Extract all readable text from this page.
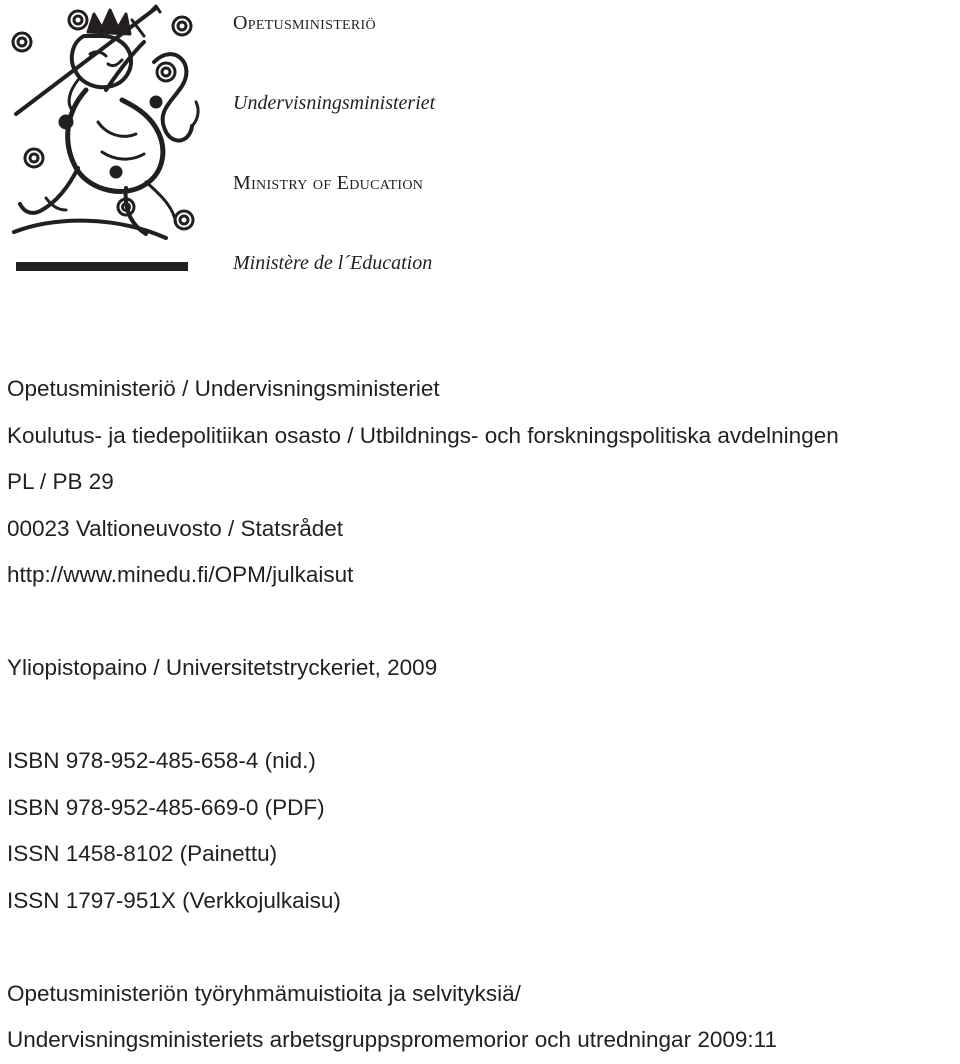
Opetusministeriö
Undervisningsministeriet
Ministry of Education
Ministère de l´Education
Opetusministeriö / Undervisningsministeriet
Koulutus- ja tiedepolitiikan osasto / Utbildnings- och forskningspolitiska avdelningen
PL / PB 29
00023 Valtioneuvosto / Statsrådet
http://www.minedu.fi/OPM/julkaisut
Yliopistopaino / Universitetstryckeriet, 2009
ISBN 978-952-485-658-4 (nid.)
ISBN 978-952-485-669-0 (PDF)
ISSN 1458-8102 (Painettu)
ISSN 1797-951X (Verkkojulkaisu)
Opetusministeriön työryhmämuistioita ja selvityksiä/
Undervisningsministeriets arbetsgruppspromemorior och utredningar 2009:11
